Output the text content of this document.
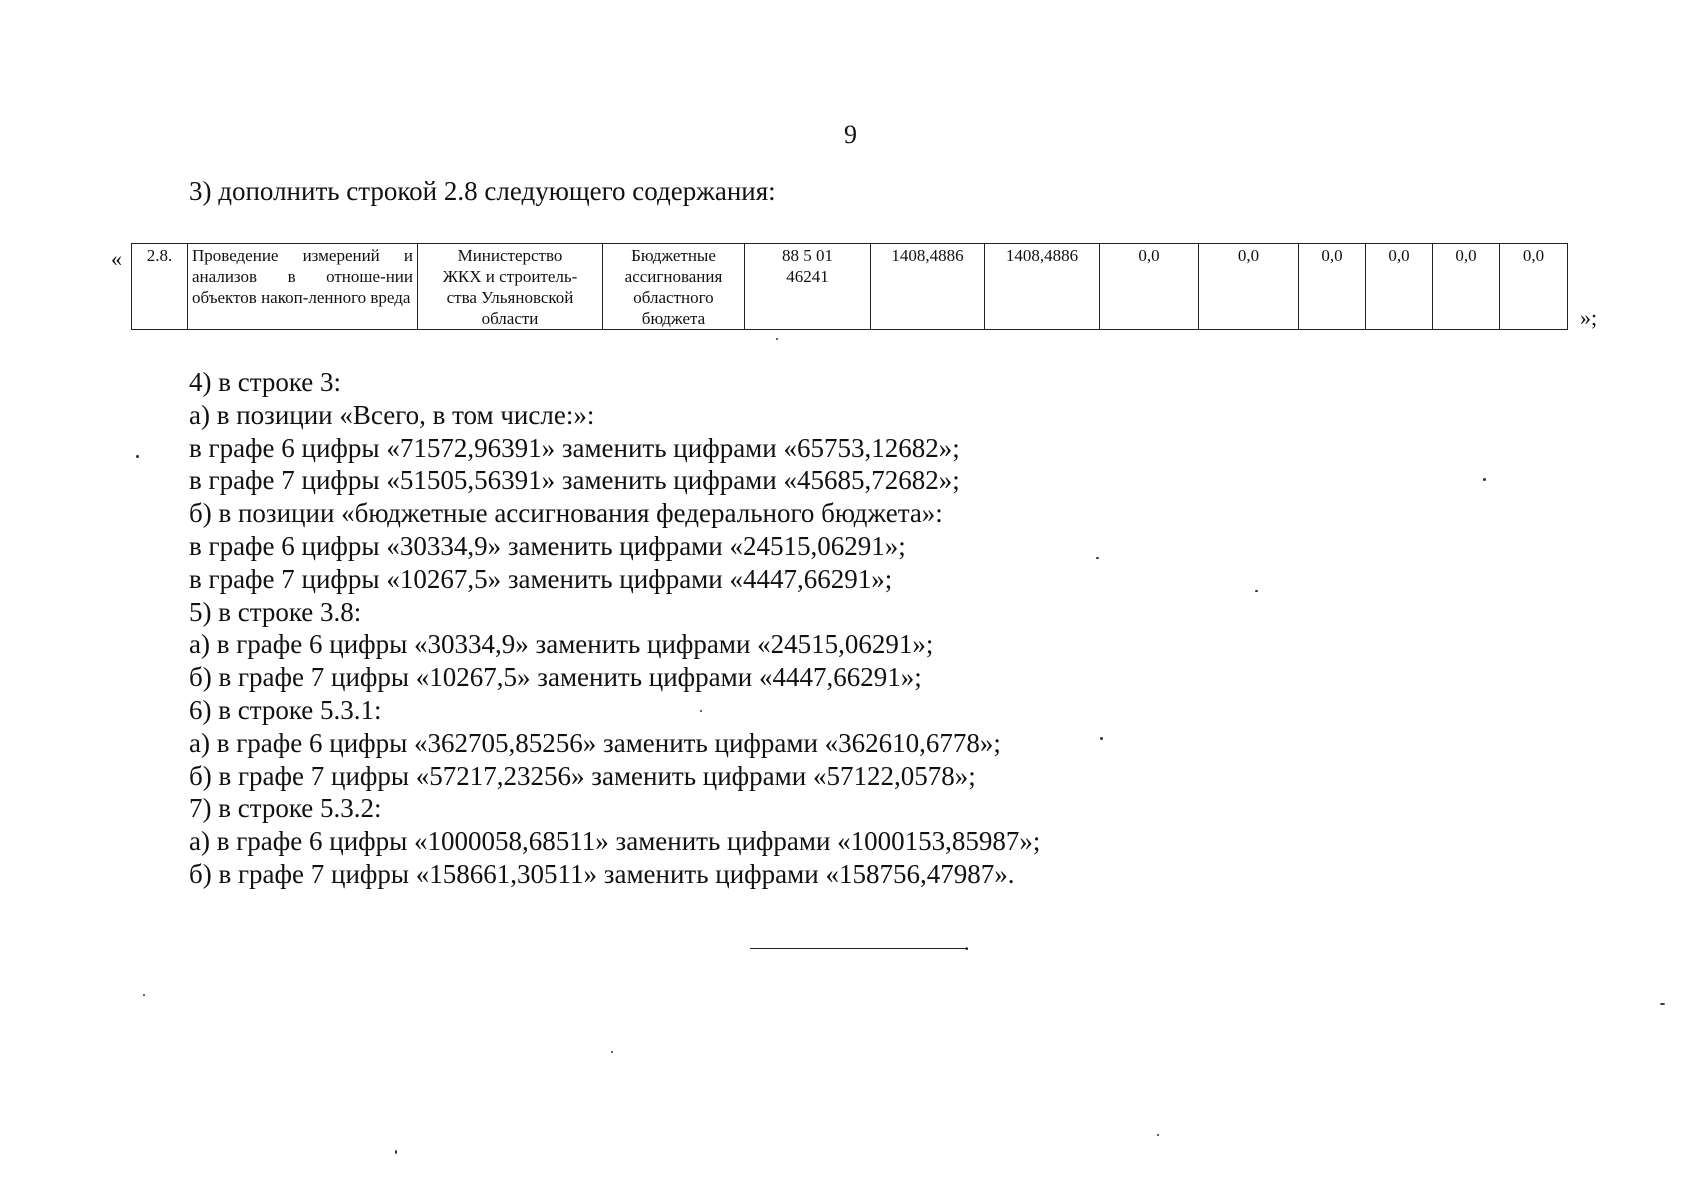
9
3) дополнить строкой 2.8 следующего содержания:
« 2.8.	Проведение измерений и анализов в отноше-нии объектов накоп-ленного вреда	Министерство
ЖКХ и строитель-
ства Ульяновской
области	Бюджетные
ассигнования
областного
бюджета	88 5 01
46241	1408,4886	1408,4886	0,0	0,0	0,0	0,0	0,0	0,0
»;
4) в строке 3:
а) в позиции «Всего, в том числе:»:
в графе 6 цифры «71572,96391» заменить цифрами «65753,12682»;
в графе 7 цифры «51505,56391» заменить цифрами «45685,72682»;
б) в позиции «бюджетные ассигнования федерального бюджета»:
в графе 6 цифры «30334,9» заменить цифрами «24515,06291»;
в графе 7 цифры «10267,5» заменить цифрами «4447,66291»;
5) в строке 3.8:
а) в графе 6 цифры «30334,9» заменить цифрами «24515,06291»;
б) в графе 7 цифры «10267,5» заменить цифрами «4447,66291»;
6) в строке 5.3.1:
а) в графе 6 цифры «362705,85256» заменить цифрами «362610,6778»;
б) в графе 7 цифры «57217,23256» заменить цифрами «57122,0578»;
7) в строке 5.3.2:
а) в графе 6 цифры «1000058,68511» заменить цифрами «1000153,85987»;
б) в графе 7 цифры «158661,30511» заменить цифрами «158756,47987».
.
